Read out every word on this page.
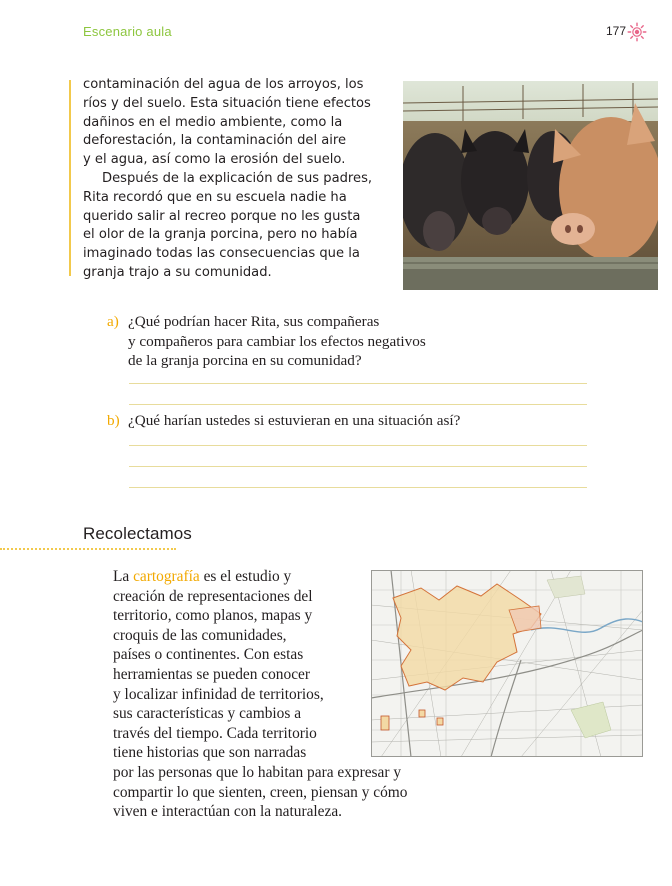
Escenario aula	177

contaminación del agua de los arroyos, los

ríos y del suelo. Esta situación tiene efectos

dañinos en el medio ambiente, como la

deforestación, la contaminación del aire

y el agua, así como la erosión del suelo.

Después de la explicación de sus padres,

Rita recordó que en su escuela nadie ha

querido salir al recreo porque no les gusta

el olor de la granja porcina, pero no había

imaginado todas las consecuencias que la

granja trajo a su comunidad.

a) ¿Qué podrían hacer Rita, sus compañeras
y compañeros para cambiar los efectos negativos
de la granja porcina en su comunidad?
b) ¿Qué harían ustedes si estuvieran en una situación así?
Recolectamos

La cartografía es el estudio y

creación de representaciones del

territorio, como planos, mapas y

croquis de las comunidades,

países o continentes. Con estas

herramientas se pueden conocer

y localizar infinidad de territorios,

sus características y cambios a

través del tiempo. Cada territorio

tiene historias que son narradas

por las personas que lo habitan para expresar y

compartir lo que sienten, creen, piensan y cómo

viven e interactúan con la naturaleza.
